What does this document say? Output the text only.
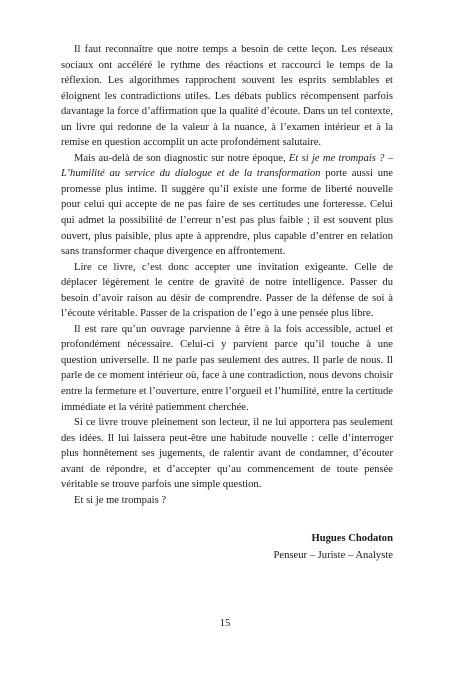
Il faut reconnaître que notre temps a besoin de cette leçon. Les réseaux sociaux ont accéléré le rythme des réactions et raccourci le temps de la réflexion. Les algorithmes rapprochent souvent les esprits semblables et éloignent les contradictions utiles. Les débats publics récompensent parfois davantage la force d’affirmation que la qualité d’écoute. Dans un tel contexte, un livre qui redonne de la valeur à la nuance, à l’examen intérieur et à la remise en question accomplit un acte profondément salutaire.

Mais au-delà de son diagnostic sur notre époque, Et si je me trompais ? – L’humilité au service du dialogue et de la transformation porte aussi une promesse plus intime. Il suggère qu’il existe une forme de liberté nouvelle pour celui qui accepte de ne pas faire de ses certitudes une forteresse. Celui qui admet la possibilité de l’erreur n’est pas plus faible ; il est souvent plus ouvert, plus paisible, plus apte à apprendre, plus capable d’entrer en relation sans transformer chaque divergence en affrontement.

Lire ce livre, c’est donc accepter une invitation exigeante. Celle de déplacer légèrement le centre de gravité de notre intelligence. Passer du besoin d’avoir raison au désir de comprendre. Passer de la défense de soi à l’écoute véritable. Passer de la crispation de l’ego à une pensée plus libre.

Il est rare qu’un ouvrage parvienne à être à la fois accessible, actuel et profondément nécessaire. Celui-ci y parvient parce qu’il touche à une question universelle. Il ne parle pas seulement des autres. Il parle de nous. Il parle de ce moment intérieur où, face à une contradiction, nous devons choisir entre la fermeture et l’ouverture, entre l’orgueil et l’humilité, entre la certitude immédiate et la vérité patiemment cherchée.

Si ce livre trouve pleinement son lecteur, il ne lui apportera pas seulement des idées. Il lui laissera peut-être une habitude nouvelle : celle d’interroger plus honnêtement ses jugements, de ralentir avant de condamner, d’écouter avant de répondre, et d’accepter qu’au commencement de toute pensée véritable se trouve parfois une simple question.

Et si je me trompais ?

Hugues Chodaton
Penseur – Juriste – Analyste
15
